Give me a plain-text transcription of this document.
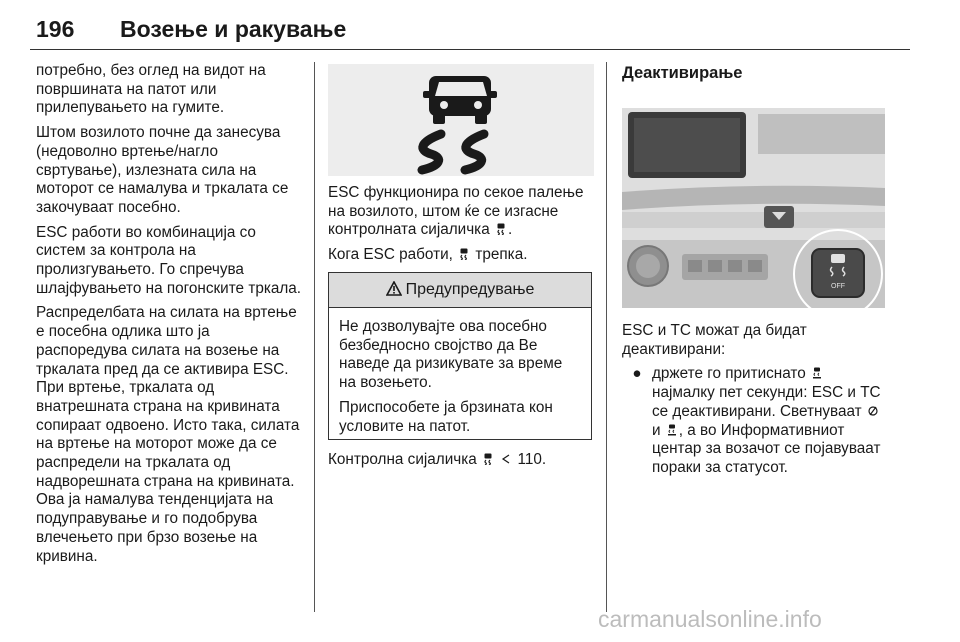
196 Возење и ракување

потребно, без оглед на видот на површината на патот или прилепувањето на гумите.

Штом возилото почне да занесува (недоволно вртење/нагло свртување), излезната сила на моторот се намалува и тркалата се закочуваат посебно.

ESC работи во комбинација со систем за контрола на пролизгувањето. Го спречува шлајфувањето на погонските тркала.

Распределбата на силата на вртење е посебна одлика што ја распоредува силата на возење на тркалата пред да се активира ESC. При вртење, тркалата од внатрешната страна на кривината сопираат одвоено. Исто така, силата на вртење на моторот може да се распредели на тркалата од надворешната страна на кривината. Ова ја намалува тенденцијата на подуправување и го подобрува влечењето при брзо возење на кривина.

ESC функционира по секое палење на возилото, штом ќе се изгасне контролната сијаличка .

Кога ESC работи, трепка.

Предупредување

Не дозволувајте ова посебно безбедносно својство да Ве наведе да ризикувате за време на возењето.

Приспособете ја брзината кон условите на патот.

Контролна сијаличка	110.

Деактивирање
OFF

ESC и TC можат да бидат деактивирани:

● држете го притиснато  најмалку пет секунди: ESC и TC се деактивирани. Светнуваат  и , а во Информативниот центар за возачот се појавуваат пораки за статусот.
carmanualsonline.info
